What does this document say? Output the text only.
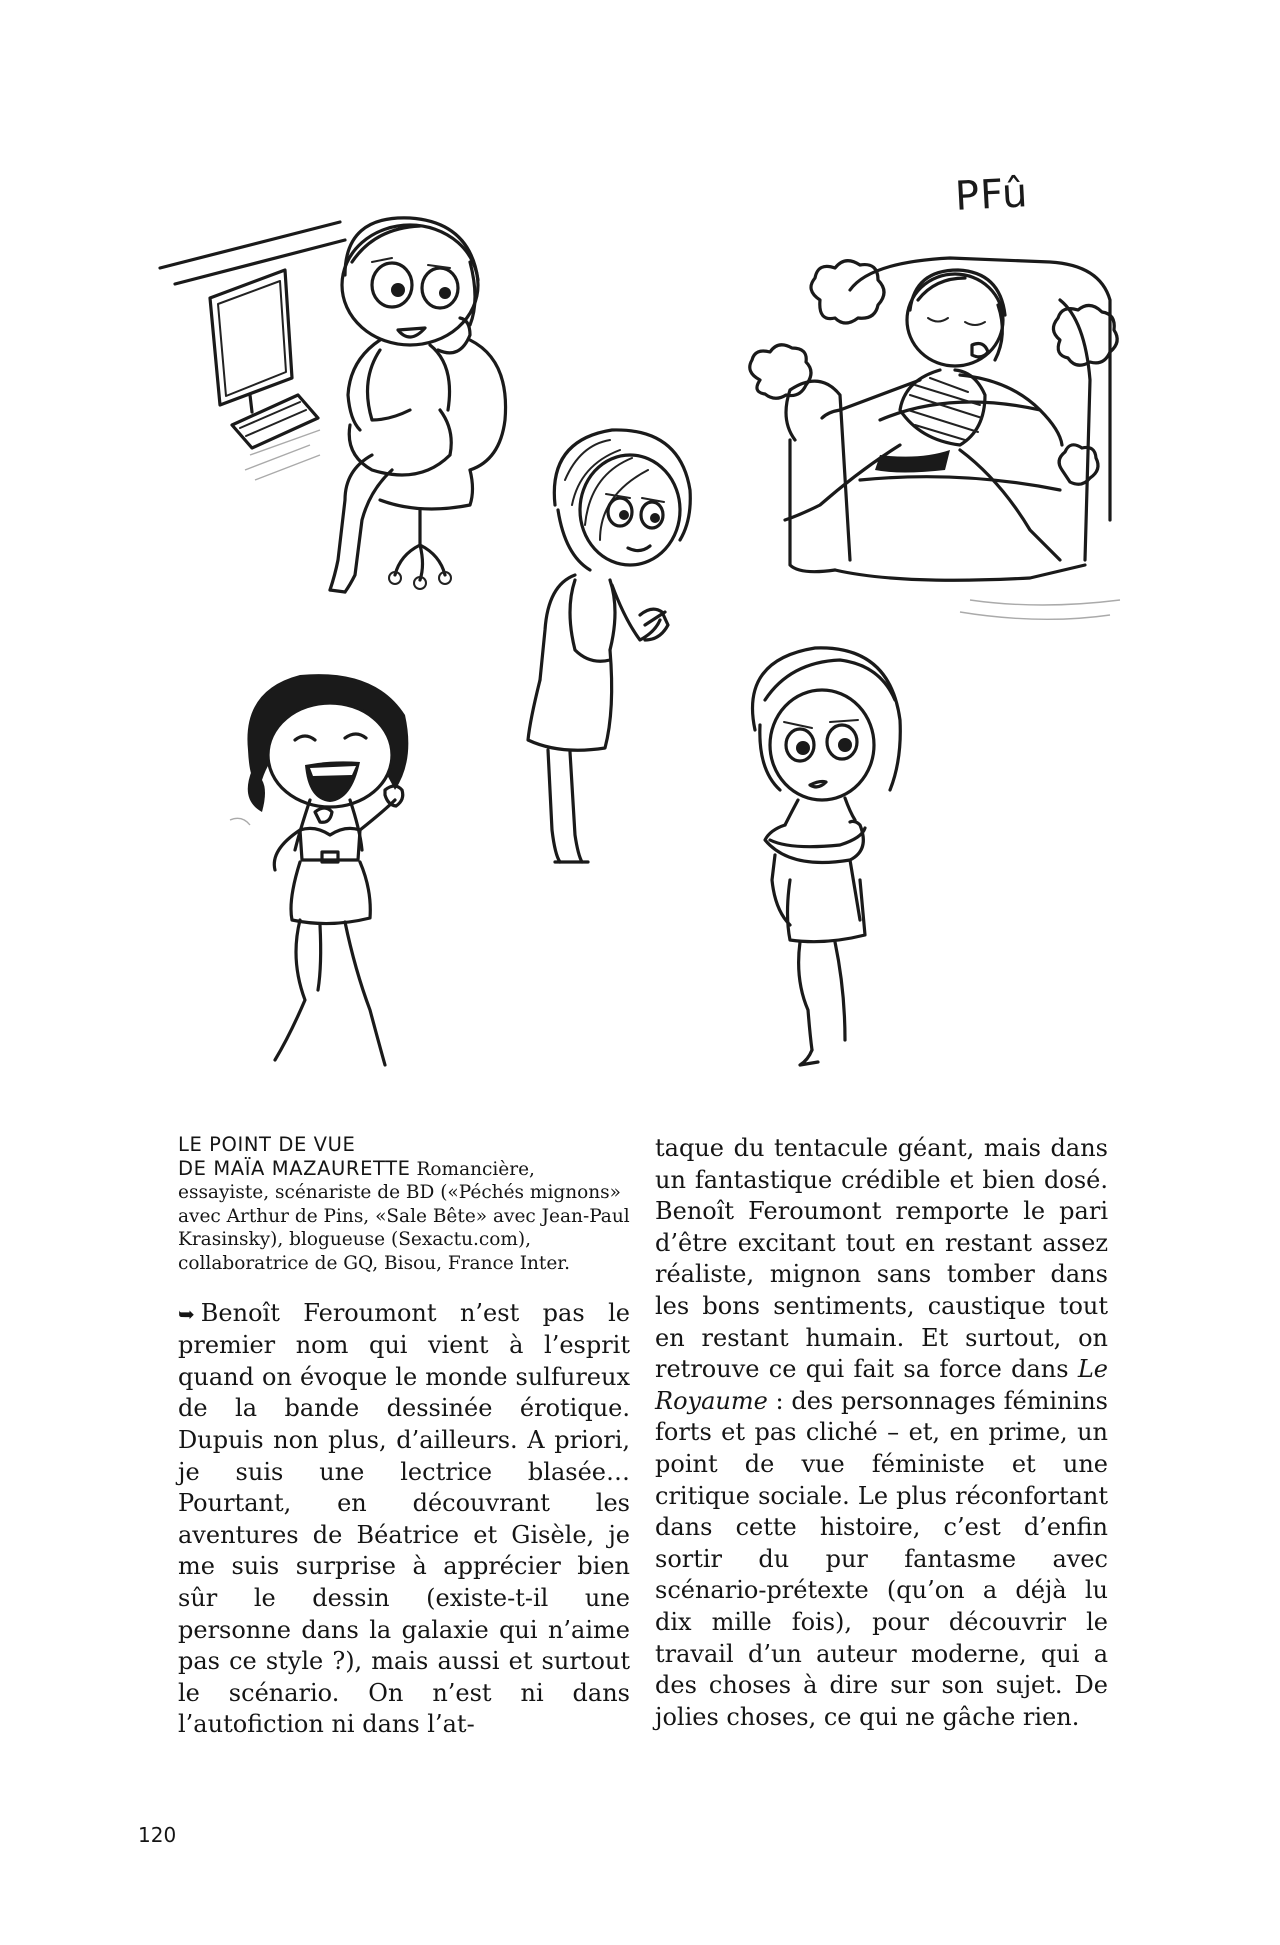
PFû
LE POINT DE VUE
DE MAÏA MAZAURETTE Romancière, essayiste, scénariste de BD («Péchés mignons» avec Arthur de Pins, «Sale Bête» avec Jean-Paul Krasinsky), blogueuse (Sexactu.com), collaboratrice de GQ, Bisou, France Inter.

➥ Benoît Feroumont n’est pas le premier nom qui vient à l’esprit quand on évoque le monde sulfureux de la bande dessinée érotique. Dupuis non plus, d’ailleurs. A priori, je suis une lectrice blasée… Pourtant, en découvrant les aventures de Béatrice et Gisèle, je me suis surprise à apprécier bien sûr le dessin (existe-t-il une personne dans la galaxie qui n’aime pas ce style ?), mais aussi et surtout le scénario. On n’est ni dans l’autofiction ni dans l’at-

taque du tentacule géant, mais dans un fantastique crédible et bien dosé. Benoît Feroumont remporte le pari d’être excitant tout en restant assez réaliste, mignon sans tomber dans les bons sentiments, caustique tout en restant humain. Et surtout, on retrouve ce qui fait sa force dans Le Royaume : des personnages féminins forts et pas cliché – et, en prime, un point de vue féministe et une critique sociale. Le plus réconfortant dans cette histoire, c’est d’enfin sortir du pur fantasme avec scénario-prétexte (qu’on a déjà lu dix mille fois), pour découvrir le travail d’un auteur moderne, qui a des choses à dire sur son sujet. De jolies choses, ce qui ne gâche rien.

120
